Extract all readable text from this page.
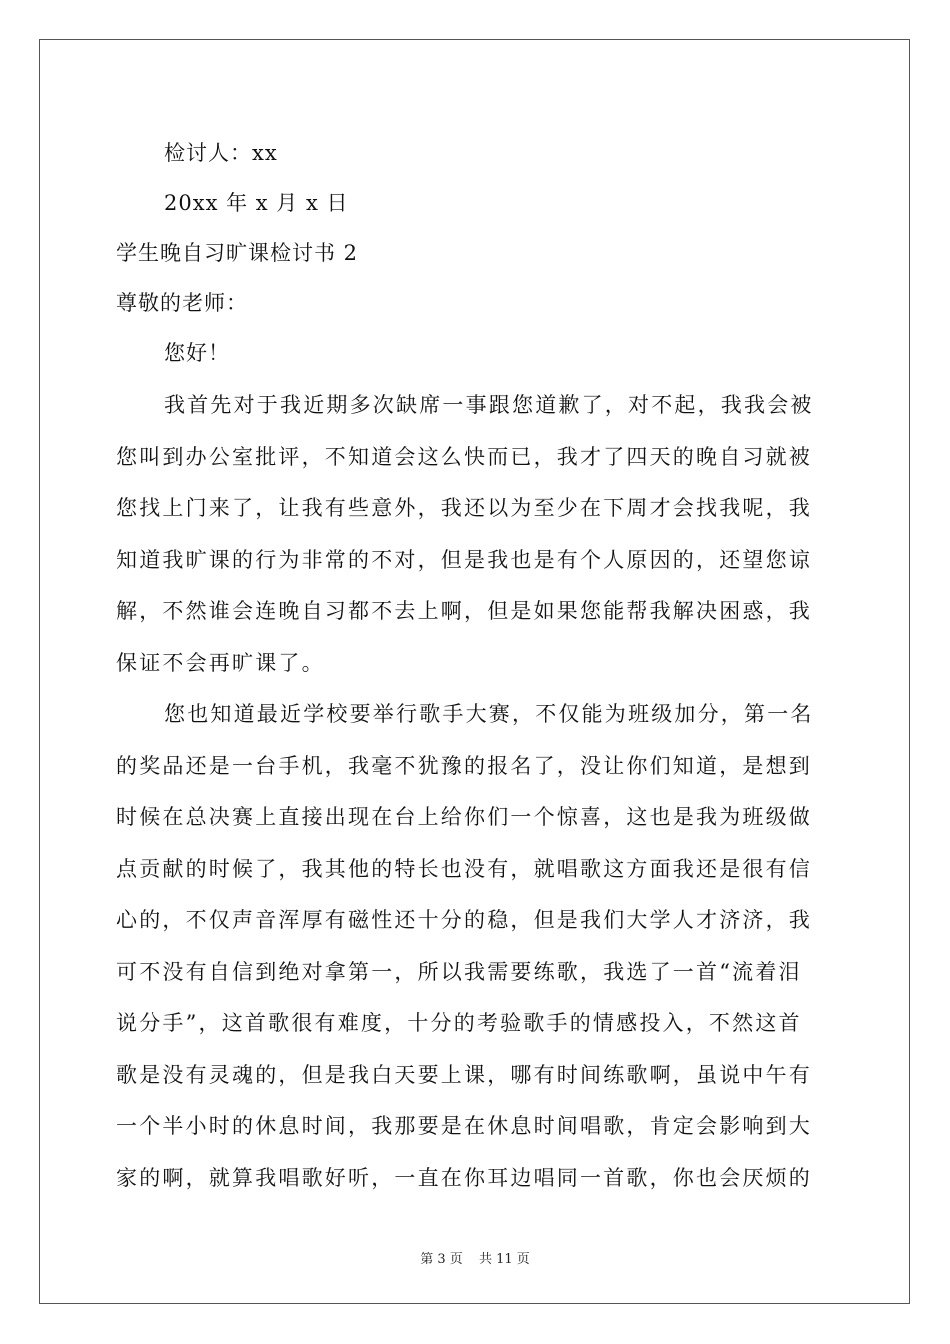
检讨人：xx
20xx 年 x 月 x 日
学生晚自习旷课检讨书 2
尊敬的老师：
您好！
我首先对于我近期多次缺席一事跟您道歉了，对不起，我我会被
您叫到办公室批评，不知道会这么快而已，我才了四天的晚自习就被
您找上门来了，让我有些意外，我还以为至少在下周才会找我呢，我
知道我旷课的行为非常的不对，但是我也是有个人原因的，还望您谅
解，不然谁会连晚自习都不去上啊，但是如果您能帮我解决困惑，我
保证不会再旷课了。
您也知道最近学校要举行歌手大赛，不仅能为班级加分，第一名
的奖品还是一台手机，我毫不犹豫的报名了，没让你们知道，是想到
时候在总决赛上直接出现在台上给你们一个惊喜，这也是我为班级做
点贡献的时候了，我其他的特长也没有，就唱歌这方面我还是很有信
心的，不仅声音浑厚有磁性还十分的稳，但是我们大学人才济济，我
可不没有自信到绝对拿第一，所以我需要练歌，我选了一首“流着泪
说分手”，这首歌很有难度，十分的考验歌手的情感投入，不然这首
歌是没有灵魂的，但是我白天要上课，哪有时间练歌啊，虽说中午有
一个半小时的休息时间，我那要是在休息时间唱歌，肯定会影响到大
家的啊，就算我唱歌好听，一直在你耳边唱同一首歌，你也会厌烦的
第 3 页 共 11 页
